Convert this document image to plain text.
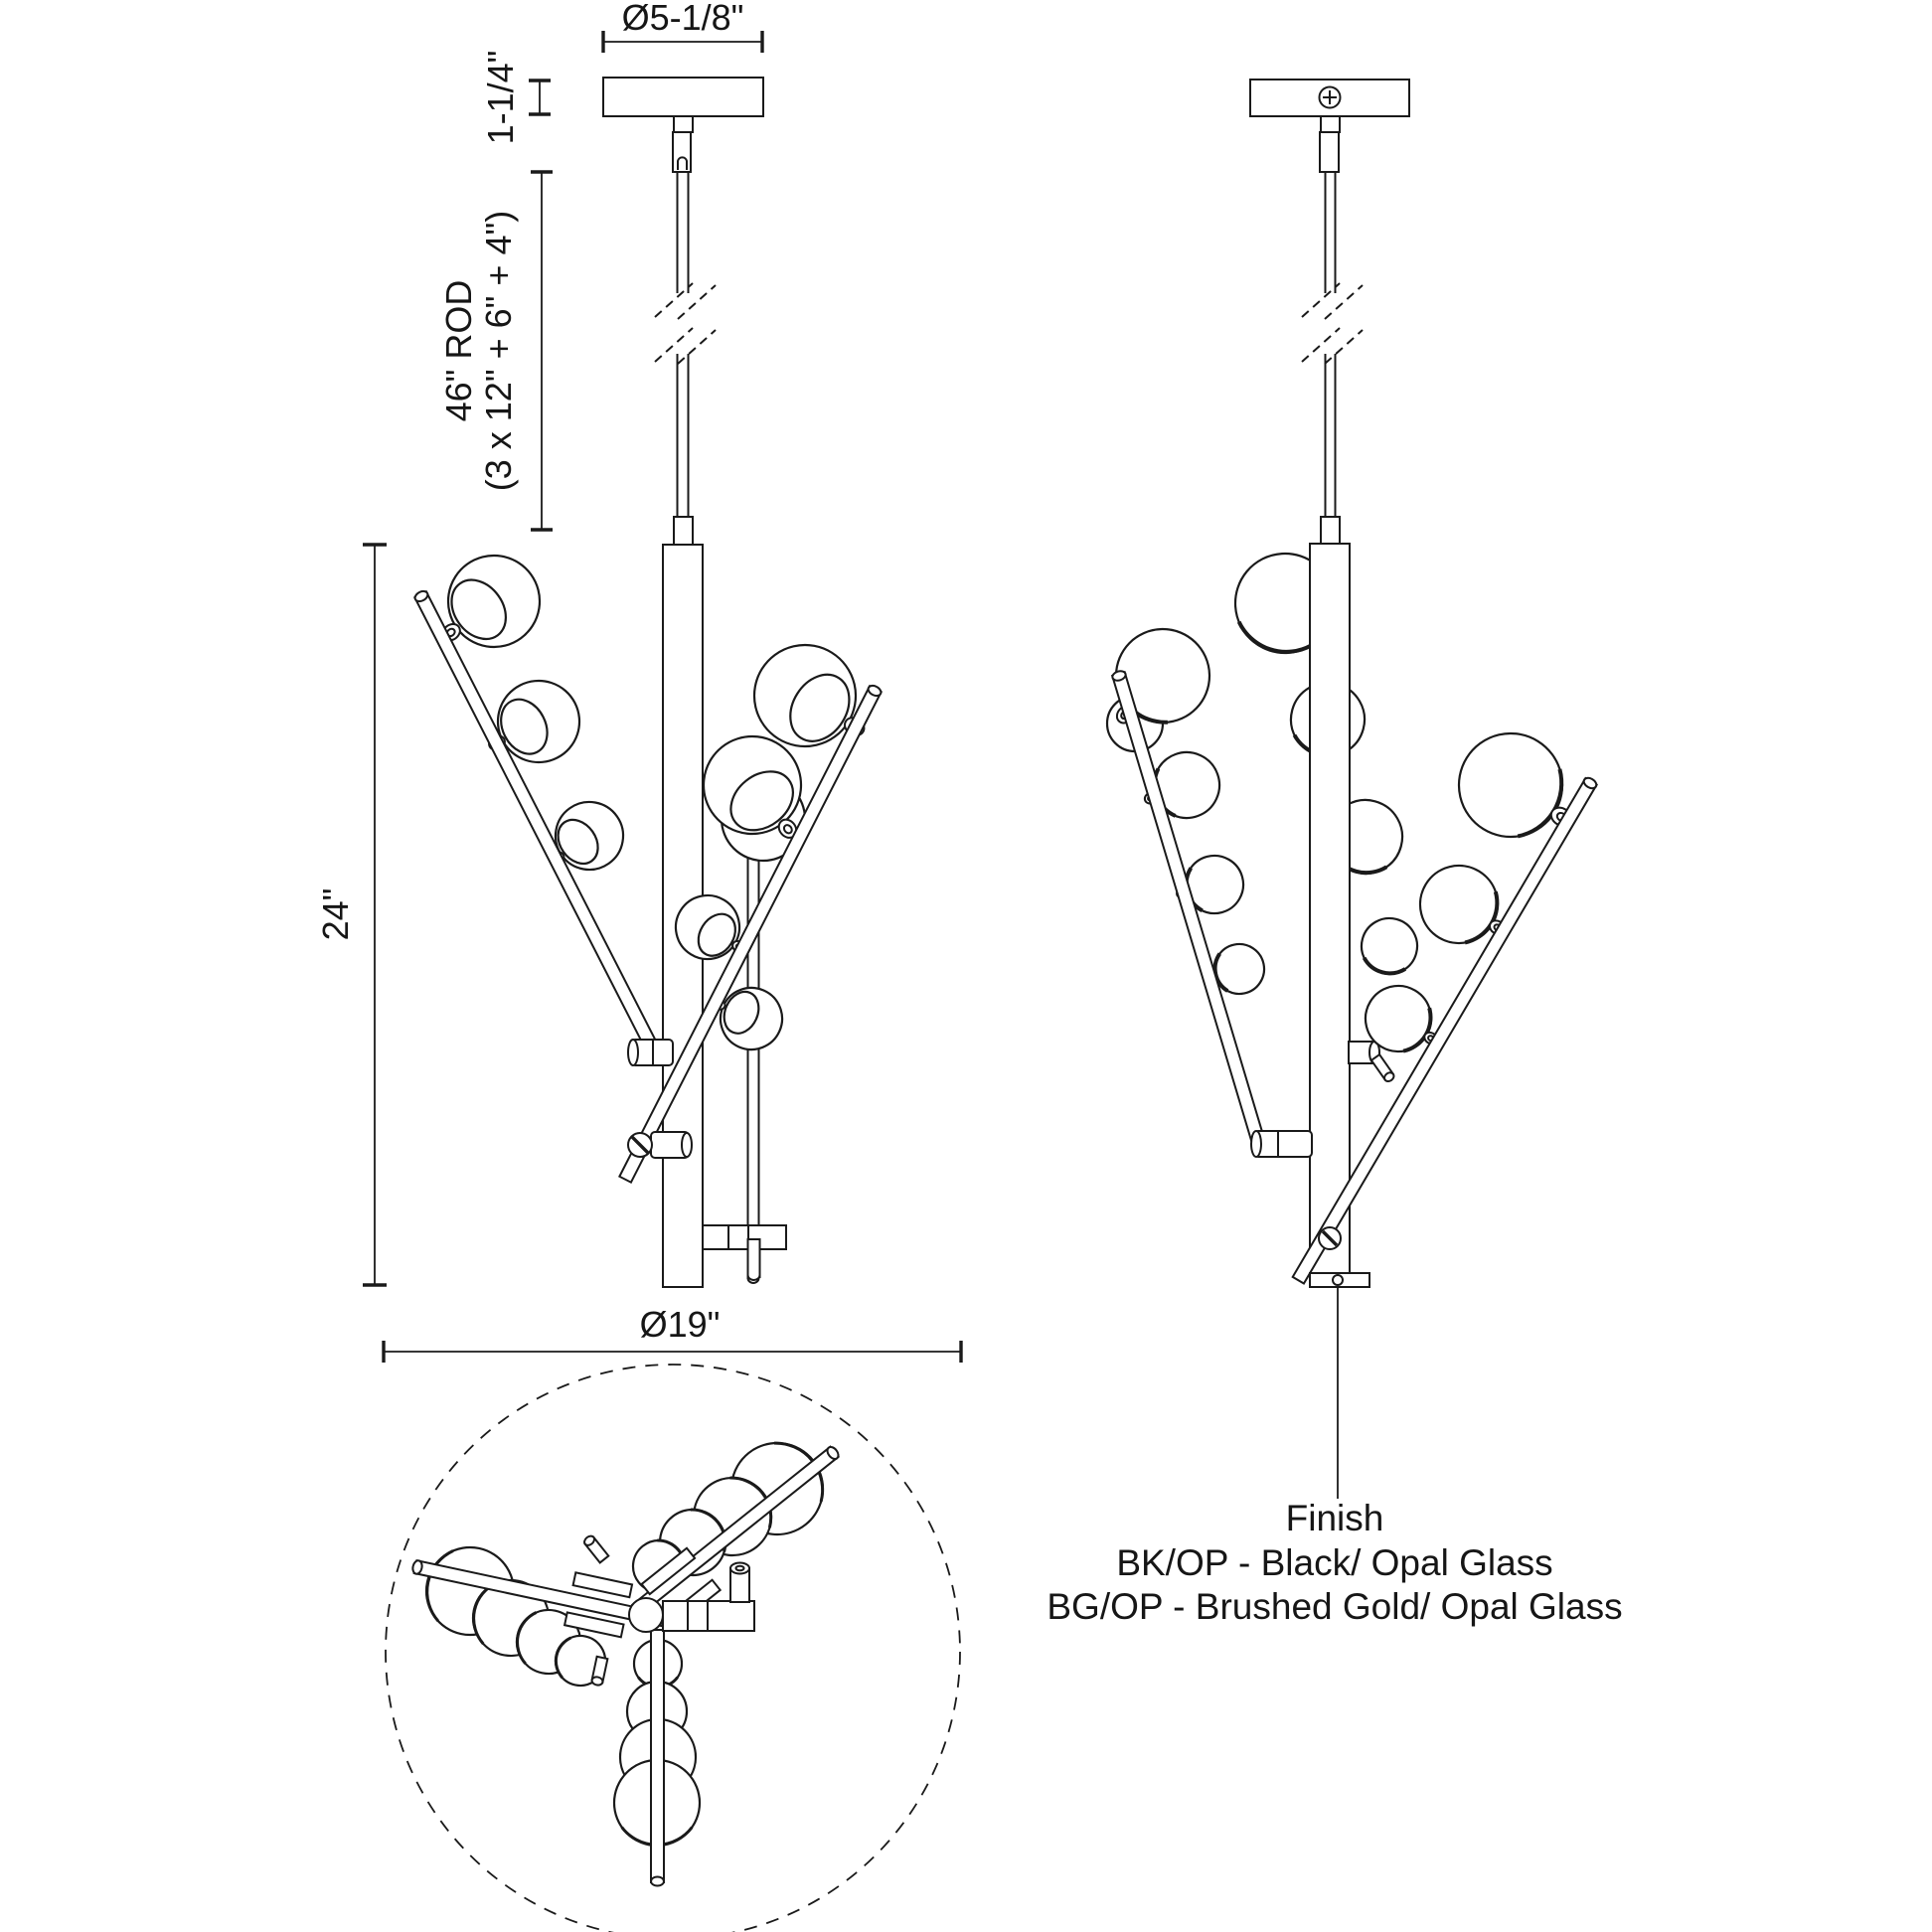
Ø5-1/8"
1-1/4"
46" ROD (3 x 12" + 6" + 4")
24"
Ø19"
Finish
BK/OP - Black/ Opal Glass
BG/OP - Brushed Gold/ Opal Glass
